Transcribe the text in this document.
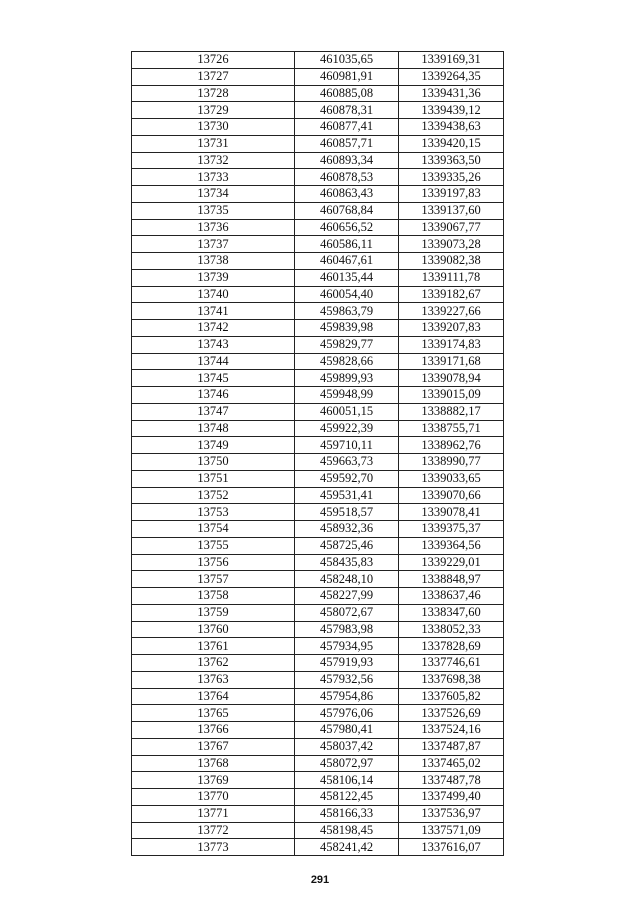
13726	461035,65	1339169,31
13727	460981,91	1339264,35
13728	460885,08	1339431,36
13729	460878,31	1339439,12
13730	460877,41	1339438,63
13731	460857,71	1339420,15
13732	460893,34	1339363,50
13733	460878,53	1339335,26
13734	460863,43	1339197,83
13735	460768,84	1339137,60
13736	460656,52	1339067,77
13737	460586,11	1339073,28
13738	460467,61	1339082,38
13739	460135,44	1339111,78
13740	460054,40	1339182,67
13741	459863,79	1339227,66
13742	459839,98	1339207,83
13743	459829,77	1339174,83
13744	459828,66	1339171,68
13745	459899,93	1339078,94
13746	459948,99	1339015,09
13747	460051,15	1338882,17
13748	459922,39	1338755,71
13749	459710,11	1338962,76
13750	459663,73	1338990,77
13751	459592,70	1339033,65
13752	459531,41	1339070,66
13753	459518,57	1339078,41
13754	458932,36	1339375,37
13755	458725,46	1339364,56
13756	458435,83	1339229,01
13757	458248,10	1338848,97
13758	458227,99	1338637,46
13759	458072,67	1338347,60
13760	457983,98	1338052,33
13761	457934,95	1337828,69
13762	457919,93	1337746,61
13763	457932,56	1337698,38
13764	457954,86	1337605,82
13765	457976,06	1337526,69
13766	457980,41	1337524,16
13767	458037,42	1337487,87
13768	458072,97	1337465,02
13769	458106,14	1337487,78
13770	458122,45	1337499,40
13771	458166,33	1337536,97
13772	458198,45	1337571,09
13773	458241,42	1337616,07
291
